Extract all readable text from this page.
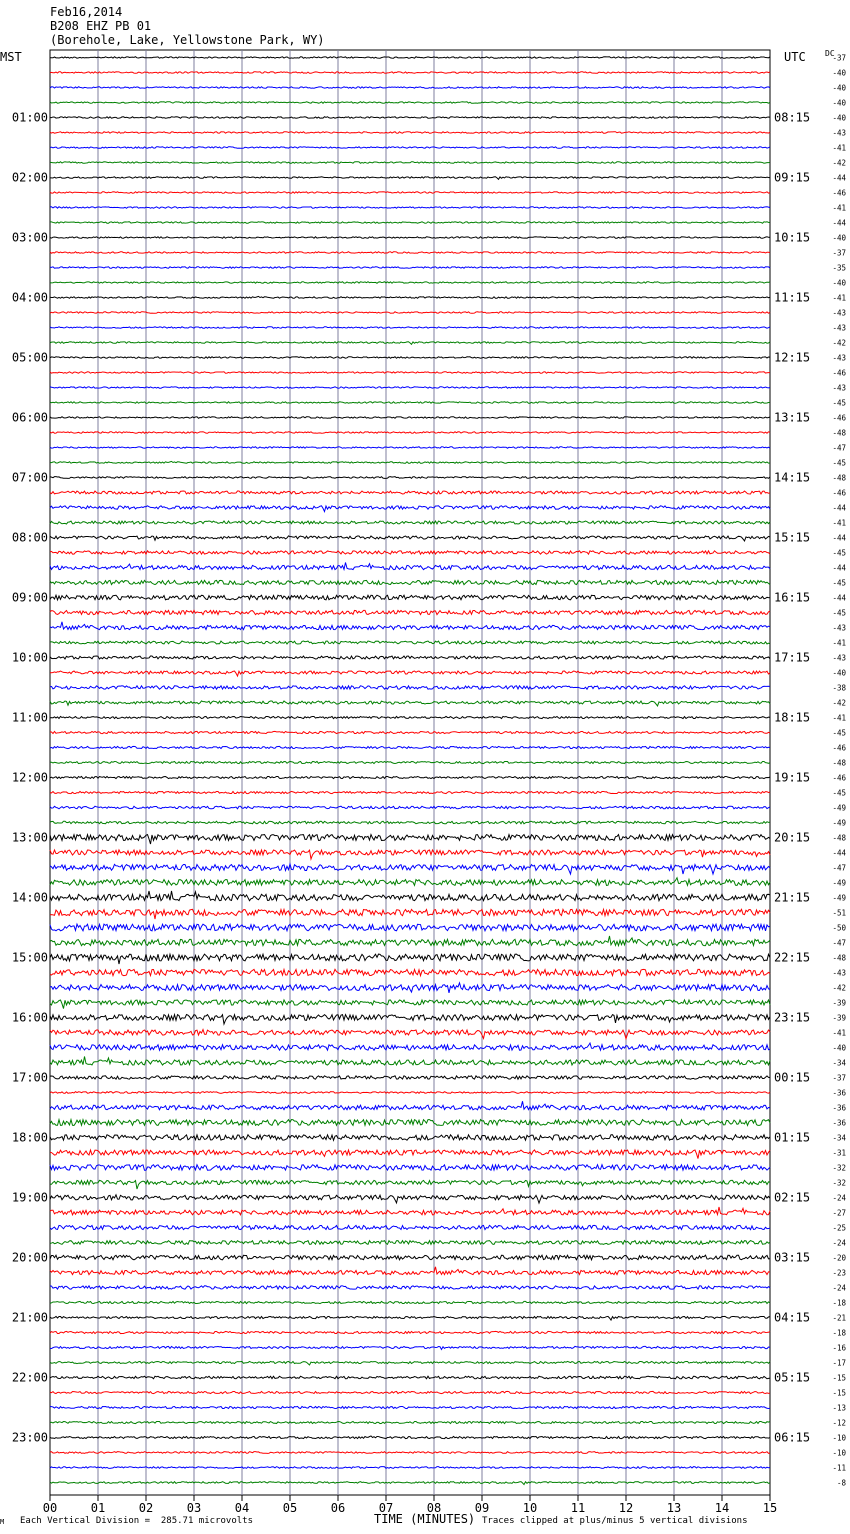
Feb16,2014
B208 EHZ PB 01
(Borehole, Lake, Yellowstone Park, WY)
MST	UTC DC
00	01	02	03	04	05	06	07	08	09	10	11	12	13	14	15
-37
-40
-40
-40
-40
-43
-41
-42
-44
-46
-41
-44
-40
-37
-35
-40
-41
-43
-43
-42
-43
-46
-43
-45
-46
-48
-47
-45
-48
-46
-44
-41
-44
-45
-44
-45
-44
-45
-43
-41
-43
-40
-38
-42
-41
-45
-46
-48
-46
-45
-49
-49
-48
-44
-47
-49
-49
-51
-50
-47
-48
-43
-42
-39
-39
-41
-40
-34
-37
-36
-36
-36
-34
-31
-32
-32
-24
-27
-25
-24
-20
-23
-24
-18
-21
-18
-16
-17
-15
-15
-13
-12
-10
-10
-11
-8
01:00	08:15
02:00	09:15
03:00	10:15
04:00	11:15
05:00	12:15
06:00	13:15
07:00	14:15
08:00	15:15
09:00	16:15
10:00	17:15
11:00	18:15
12:00	19:15
13:00	20:15
14:00	21:15
15:00	22:15
16:00	23:15
17:00	00:15
18:00	01:15
19:00	02:15
20:00	03:15
21:00	04:15
22:00	05:15
23:00	06:15
M Each Vertical Division =  285.71 microvolts	TIME (MINUTES) Traces clipped at plus/minus 5 vertical divisions
